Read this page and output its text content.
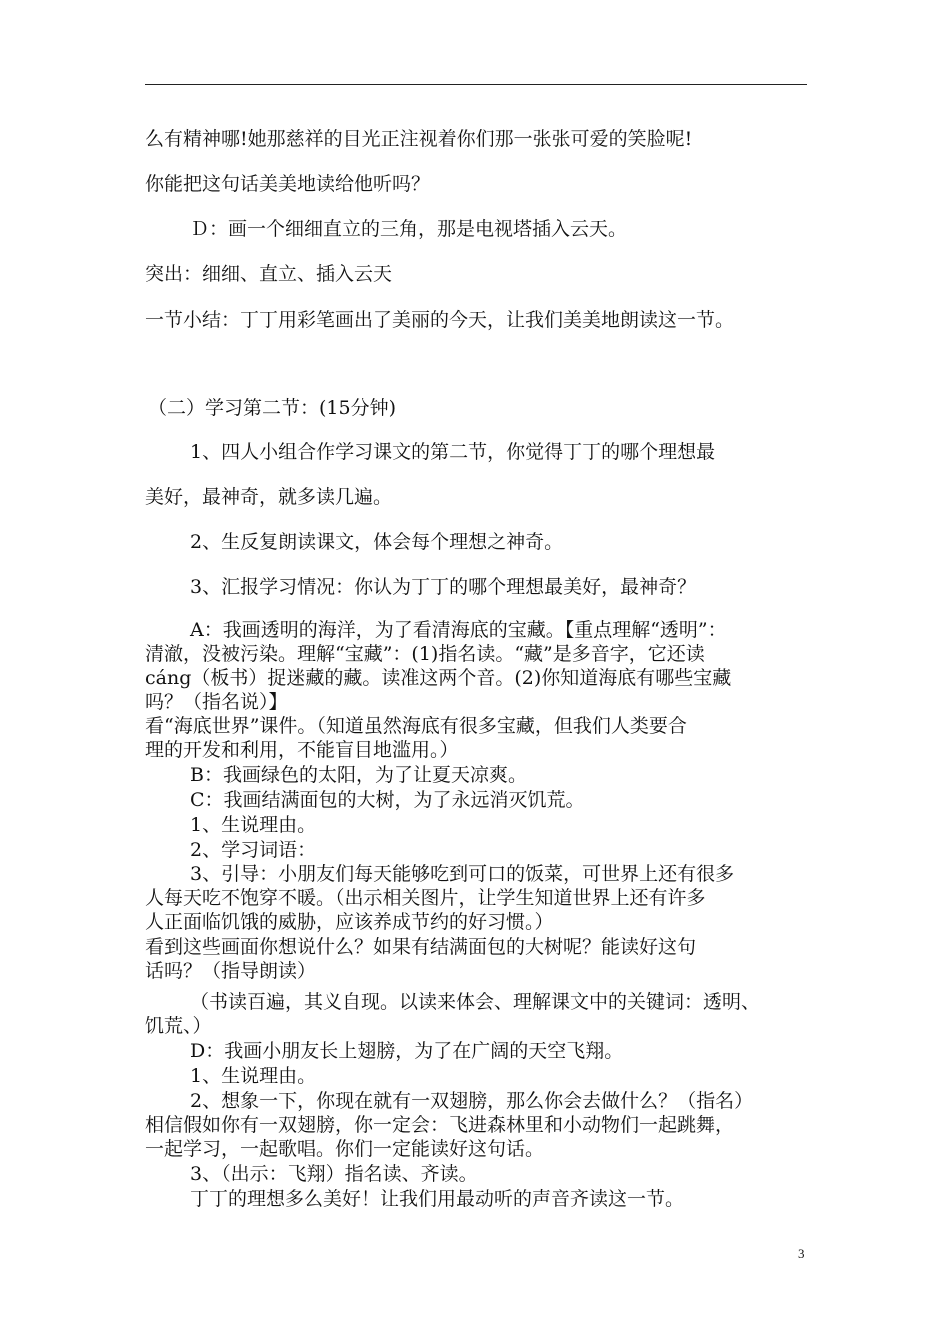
么有精神哪!她那慈祥的目光正注视着你们那一张张可爱的笑脸呢!
你能把这句话美美地读给他听吗？
Ｄ：画一个细细直立的三角，那是电视塔插入云天。
突出：细细、直立、插入云天
一节小结：丁丁用彩笔画出了美丽的今天，让我们美美地朗读这一节。
（二）学习第二节：(15分钟)
1、四人小组合作学习课文的第二节，你觉得丁丁的哪个理想最
美好，最神奇，就多读几遍。
2、生反复朗读课文，体会每个理想之神奇。
3、汇报学习情况：你认为丁丁的哪个理想最美好，最神奇？
A：我画透明的海洋，为了看清海底的宝藏。【重点理解“透明”：
清澈，没被污染。理解“宝藏”：(1)指名读。“藏”是多音字，它还读
cáng（板书）捉迷藏的藏。读准这两个音。(2)你知道海底有哪些宝藏
吗？（指名说）】
看“海底世界”课件。（知道虽然海底有很多宝藏，但我们人类要合
理的开发和利用，不能盲目地滥用。）
B：我画绿色的太阳，为了让夏天凉爽。
C：我画结满面包的大树，为了永远消灭饥荒。
1、生说理由。
2、学习词语：
3、引导：小朋友们每天能够吃到可口的饭菜，可世界上还有很多
人每天吃不饱穿不暖。（出示相关图片，让学生知道世界上还有许多
人正面临饥饿的威胁，应该养成节约的好习惯。）
看到这些画面你想说什么？如果有结满面包的大树呢？能读好这句
话吗？（指导朗读）
（书读百遍，其义自现。以读来体会、理解课文中的关键词：透明、
饥荒、）
D：我画小朋友长上翅膀，为了在广阔的天空飞翔。
1、生说理由。
2、想象一下，你现在就有一双翅膀，那么你会去做什么？（指名）
相信假如你有一双翅膀，你一定会：飞进森林里和小动物们一起跳舞，
一起学习，一起歌唱。你们一定能读好这句话。
3、（出示：飞翔）指名读、齐读。
丁丁的理想多么美好！让我们用最动听的声音齐读这一节。
3
